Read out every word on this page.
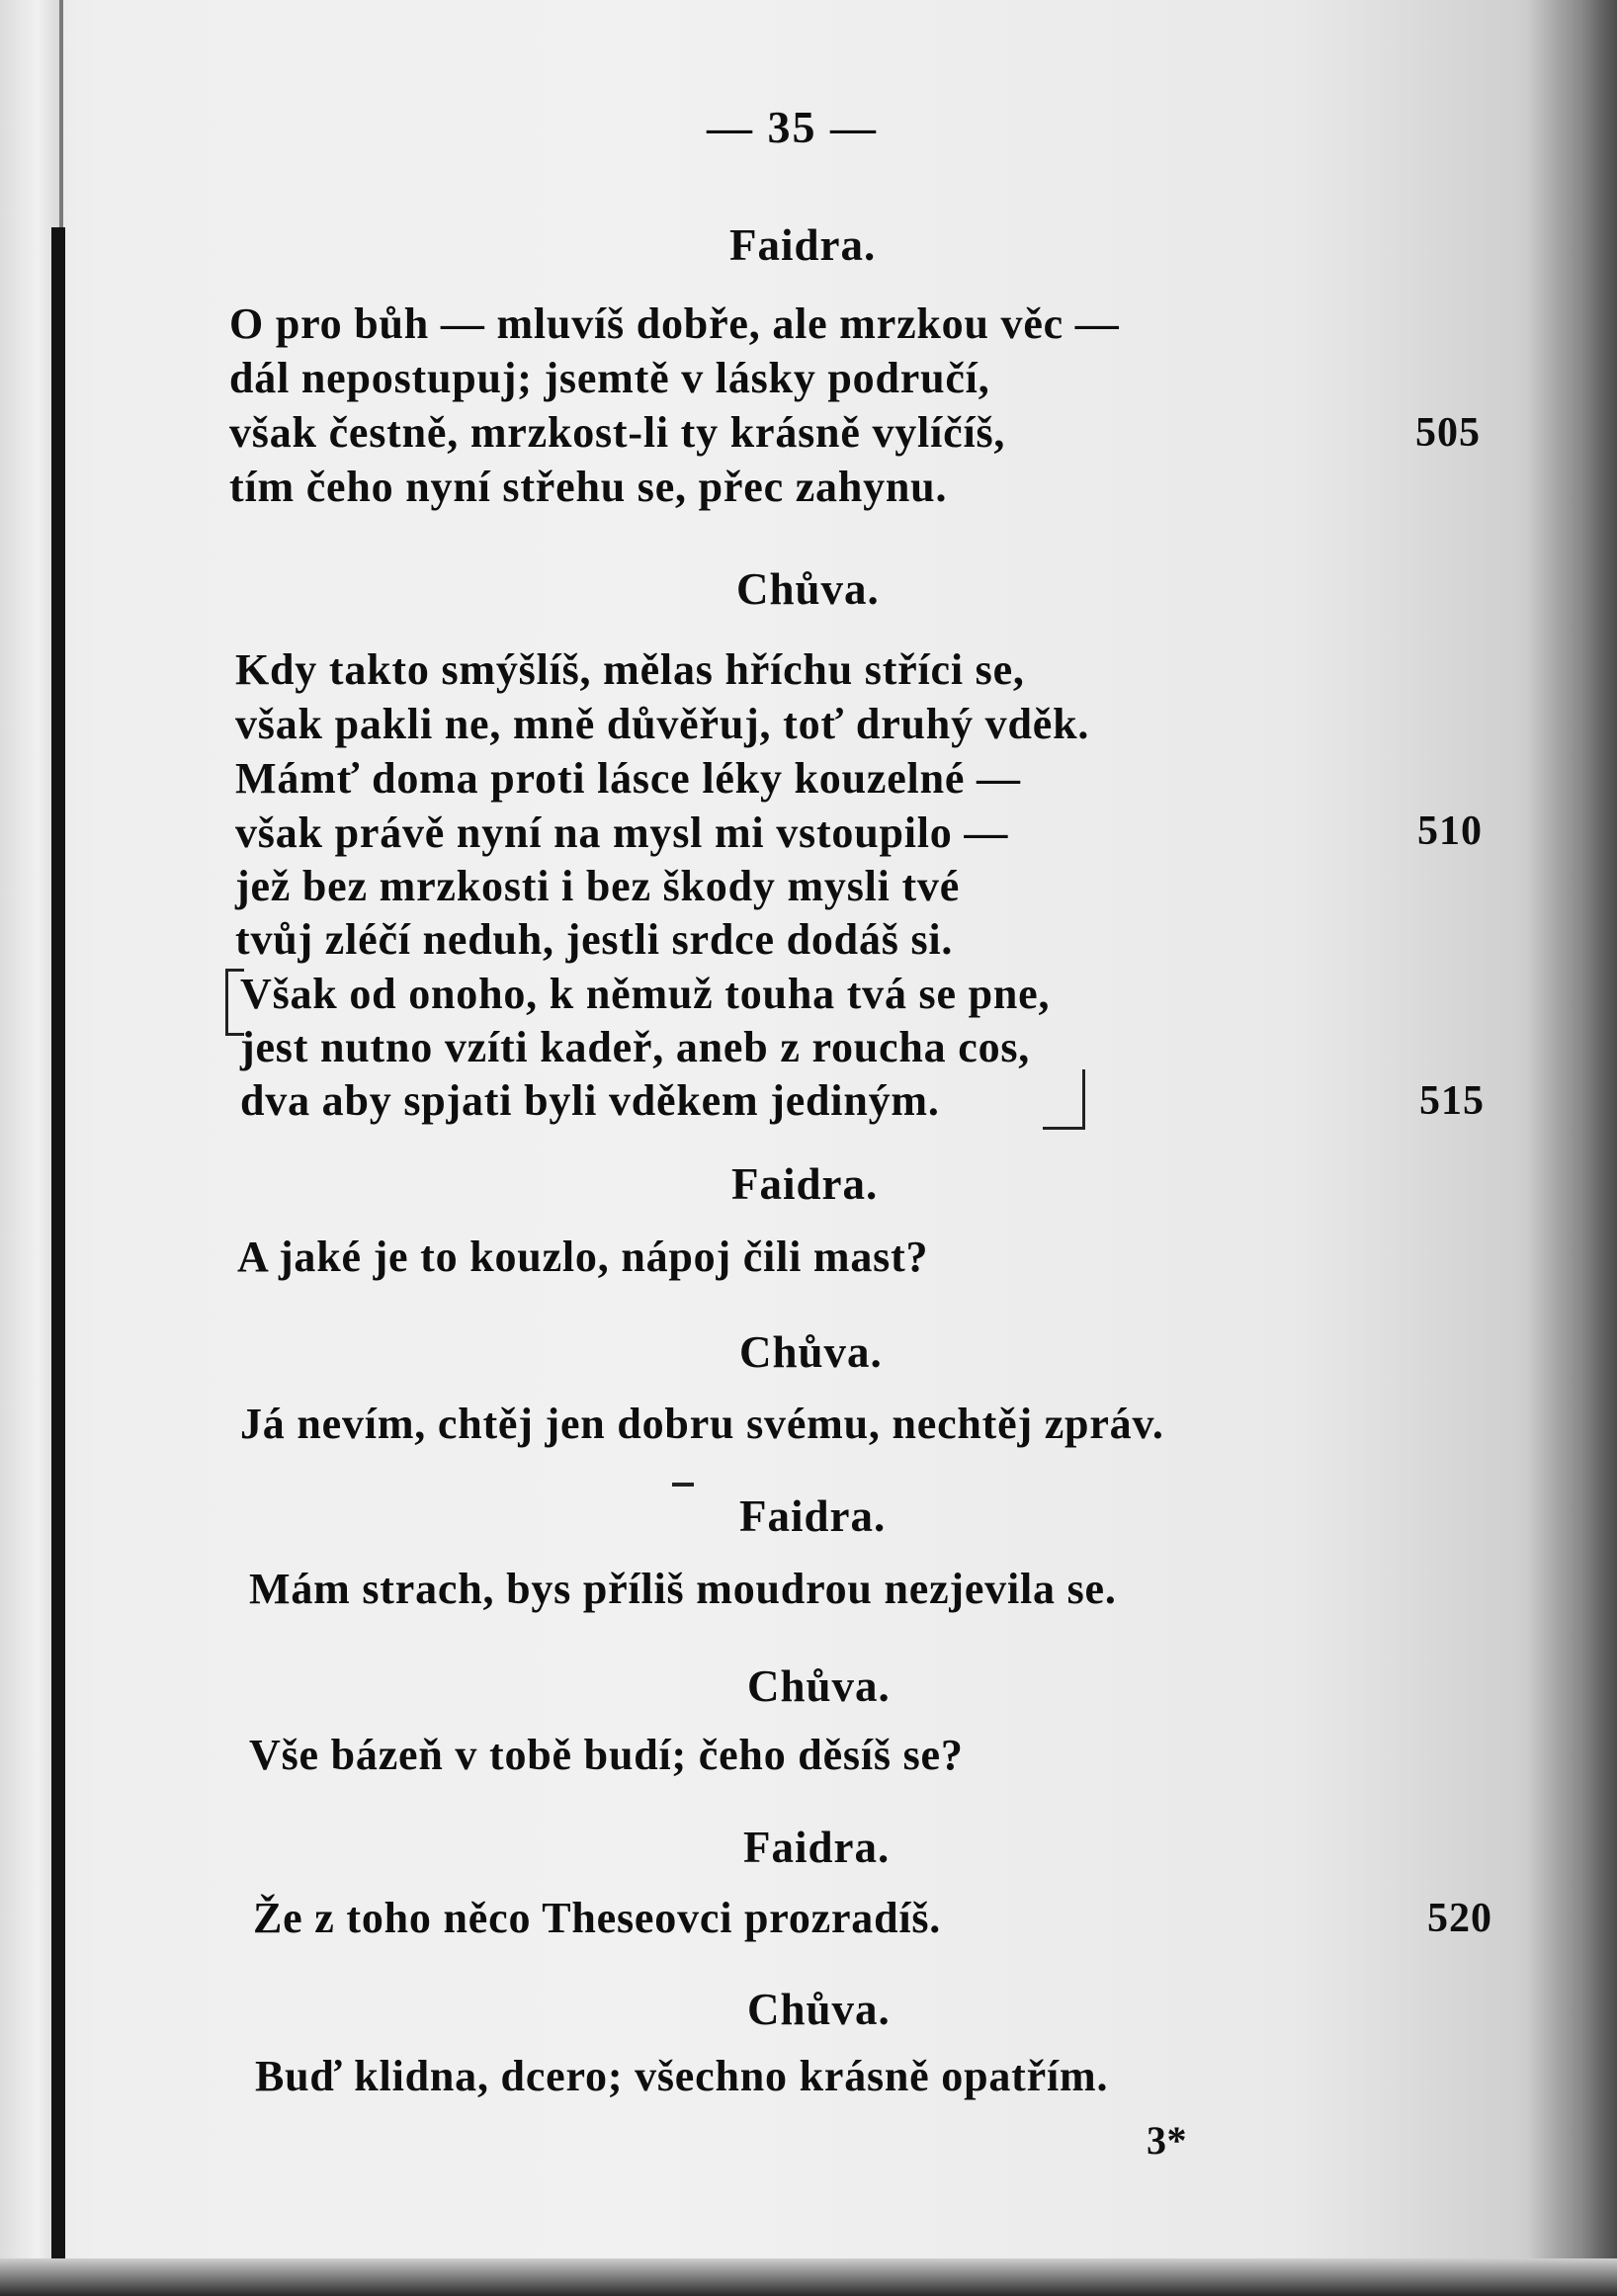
— 35 —
Faidra.
O pro bůh — mluvíš dobře, ale mrzkou věc —
dál nepostupuj; jsemtě v lásky područí,
však čestně, mrzkost-li ty krásně vylíčíš,
tím čeho nyní střehu se, přec zahynu.
505
Chůva.
Kdy takto smýšlíš, mělas hříchu stříci se,
však pakli ne, mně důvěřuj, toť druhý vděk.
Mámť doma proti lásce léky kouzelné —
však právě nyní na mysl mi vstoupilo —
jež bez mrzkosti i bez škody mysli tvé
tvůj zléčí neduh, jestli srdce dodáš si.
Však od onoho, k němuž touha tvá se pne,
jest nutno vzíti kadeř, aneb z roucha cos,
dva aby spjati byli vděkem jediným.
510
515
Faidra.
A jaké je to kouzlo, nápoj čili mast?
Chůva.
Já nevím, chtěj jen dobru svému, nechtěj zpráv.
Faidra.
Mám strach, bys příliš moudrou nezjevila se.
Chůva.
Vše bázeň v tobě budí; čeho děsíš se?
Faidra.
Že z toho něco Theseovci prozradíš.	520
Chůva.
Buď klidna, dcero; všechno krásně opatřím.
3*
